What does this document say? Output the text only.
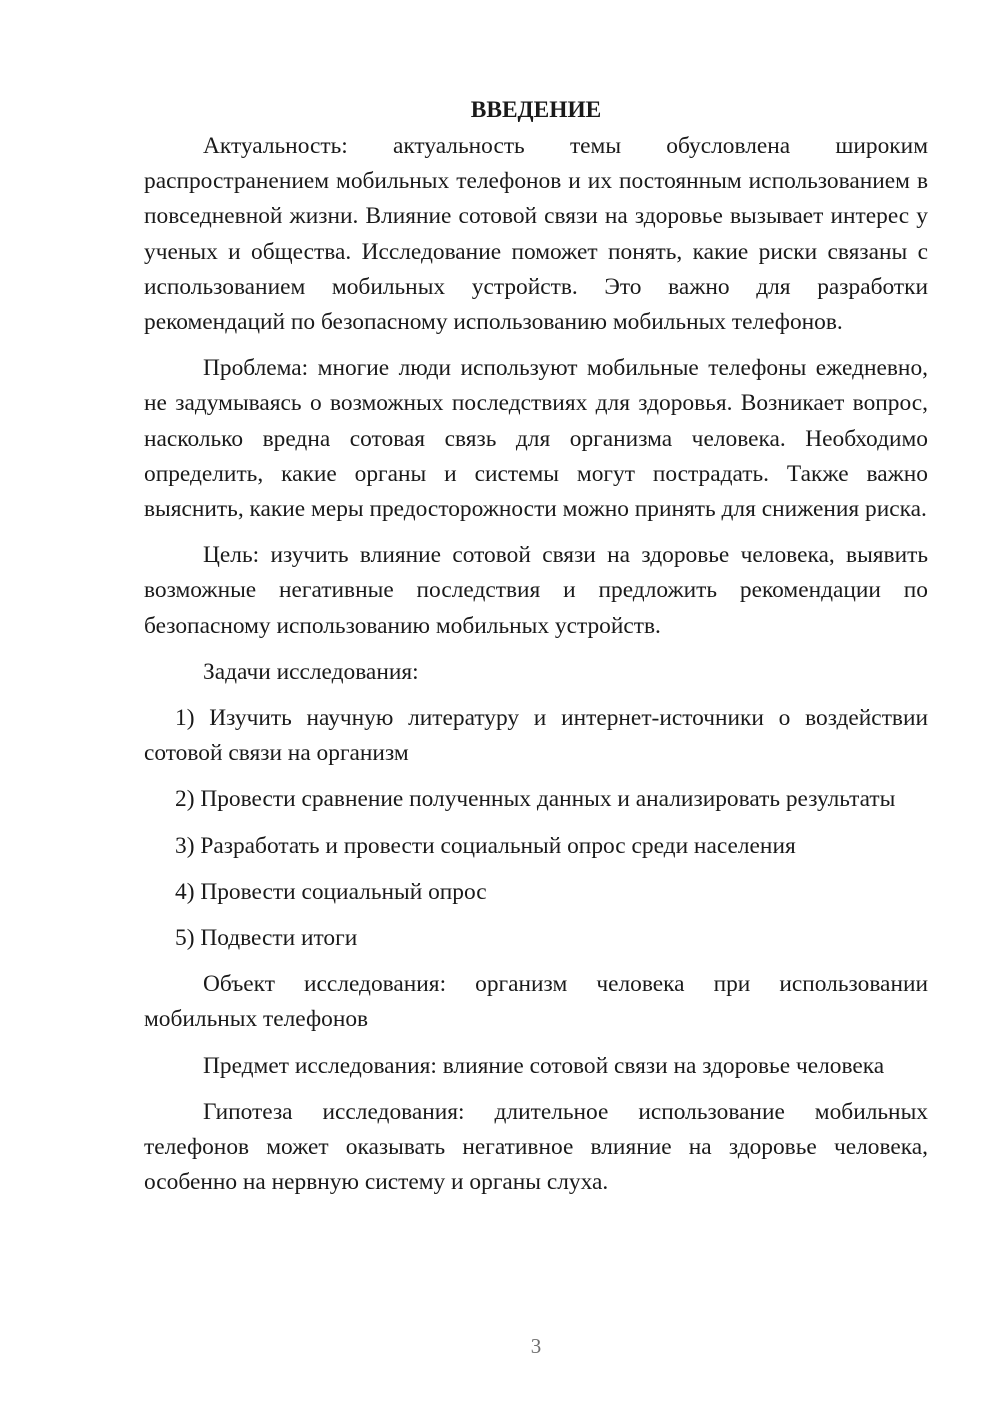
ВВЕДЕНИЕ

Актуальность: актуальность темы обусловлена широким распространением мобильных телефонов и их постоянным использованием в повседневной жизни. Влияние сотовой связи на здоровье вызывает интерес у ученых и общества. Исследование поможет понять, какие риски связаны с использованием мобильных устройств. Это важно для разработки рекомендаций по безопасному использованию мобильных телефонов.

Проблема: многие люди используют мобильные телефоны ежедневно, не задумываясь о возможных последствиях для здоровья. Возникает вопрос, насколько вредна сотовая связь для организма человека. Необходимо определить, какие органы и системы могут пострадать. Также важно выяснить, какие меры предосторожности можно принять для снижения риска.

Цель: изучить влияние сотовой связи на здоровье человека, выявить возможные негативные последствия и предложить рекомендации по безопасному использованию мобильных устройств.

Задачи исследования:

1) Изучить научную литературу и интернет-источники о воздействии сотовой связи на организм

2) Провести сравнение полученных данных и анализировать результаты

3) Разработать и провести социальный опрос среди населения

4) Провести социальный опрос

5) Подвести итоги

Объект исследования: организм человека при использовании мобильных телефонов

Предмет исследования: влияние сотовой связи на здоровье человека

Гипотеза исследования: длительное использование мобильных телефонов может оказывать негативное влияние на здоровье человека, особенно на нервную систему и органы слуха.

3
